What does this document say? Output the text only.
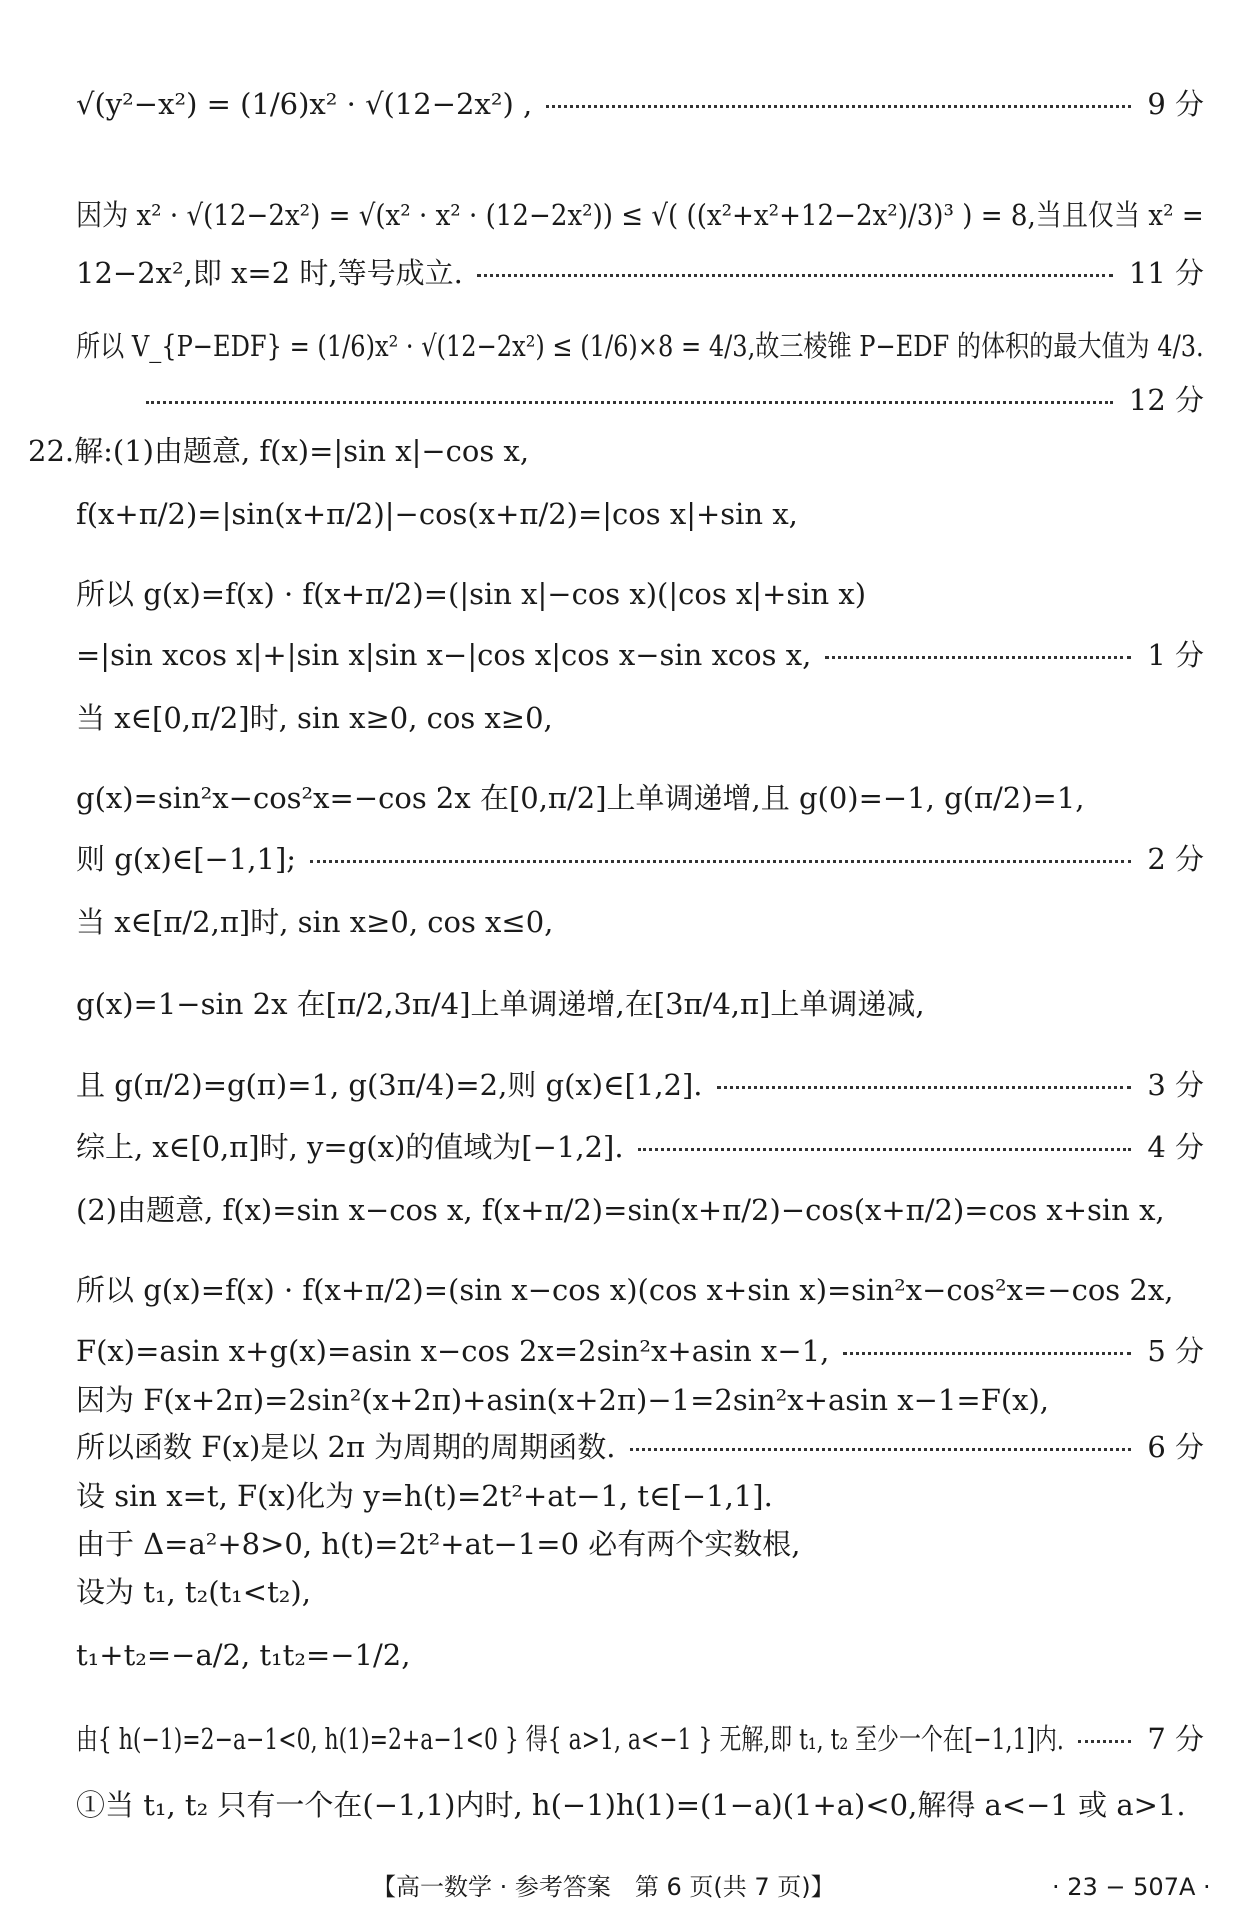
√(y²−x²) = (1/6)x² · √(12−2x²) ,	9 分
因为 x² · √(12−2x²) = √(x² · x² · (12−2x²)) ≤ √( ((x²+x²+12−2x²)/3)³ ) = 8,当且仅当 x² =
12−2x²,即 x=2 时,等号成立.	11 分
所以 V_{P−EDF} = (1/6)x² · √(12−2x²) ≤ (1/6)×8 = 4/3,故三棱锥 P−EDF 的体积的最大值为 4/3.
12 分
22.解:(1)由题意, f(x)=|sin x|−cos x,
f(x+π/2)=|sin(x+π/2)|−cos(x+π/2)=|cos x|+sin x,
所以 g(x)=f(x) · f(x+π/2)=(|sin x|−cos x)(|cos x|+sin x)
=|sin xcos x|+|sin x|sin x−|cos x|cos x−sin xcos x,	1 分
当 x∈[0,π/2]时, sin x≥0, cos x≥0,
g(x)=sin²x−cos²x=−cos 2x 在[0,π/2]上单调递增,且 g(0)=−1, g(π/2)=1,
则 g(x)∈[−1,1];	2 分
当 x∈[π/2,π]时, sin x≥0, cos x≤0,
g(x)=1−sin 2x 在[π/2,3π/4]上单调递增,在[3π/4,π]上单调递减,
且 g(π/2)=g(π)=1, g(3π/4)=2,则 g(x)∈[1,2].	3 分
综上, x∈[0,π]时, y=g(x)的值域为[−1,2].	4 分
(2)由题意, f(x)=sin x−cos x, f(x+π/2)=sin(x+π/2)−cos(x+π/2)=cos x+sin x,
所以 g(x)=f(x) · f(x+π/2)=(sin x−cos x)(cos x+sin x)=sin²x−cos²x=−cos 2x,
F(x)=asin x+g(x)=asin x−cos 2x=2sin²x+asin x−1,	5 分
因为 F(x+2π)=2sin²(x+2π)+asin(x+2π)−1=2sin²x+asin x−1=F(x),
所以函数 F(x)是以 2π 为周期的周期函数.	6 分
设 sin x=t, F(x)化为 y=h(t)=2t²+at−1, t∈[−1,1].
由于 Δ=a²+8>0, h(t)=2t²+at−1=0 必有两个实数根,
设为 t₁, t₂(t₁<t₂),
t₁+t₂=−a/2, t₁t₂=−1/2,
由{ h(−1)=2−a−1<0, h(1)=2+a−1<0 } 得{ a>1, a<−1 } 无解,即 t₁, t₂ 至少一个在[−1,1]内.	7 分
①当 t₁, t₂ 只有一个在(−1,1)内时, h(−1)h(1)=(1−a)(1+a)<0,解得 a<−1 或 a>1.
【高一数学 · 参考答案　第 6 页(共 7 页)】	· 23 − 507A ·
